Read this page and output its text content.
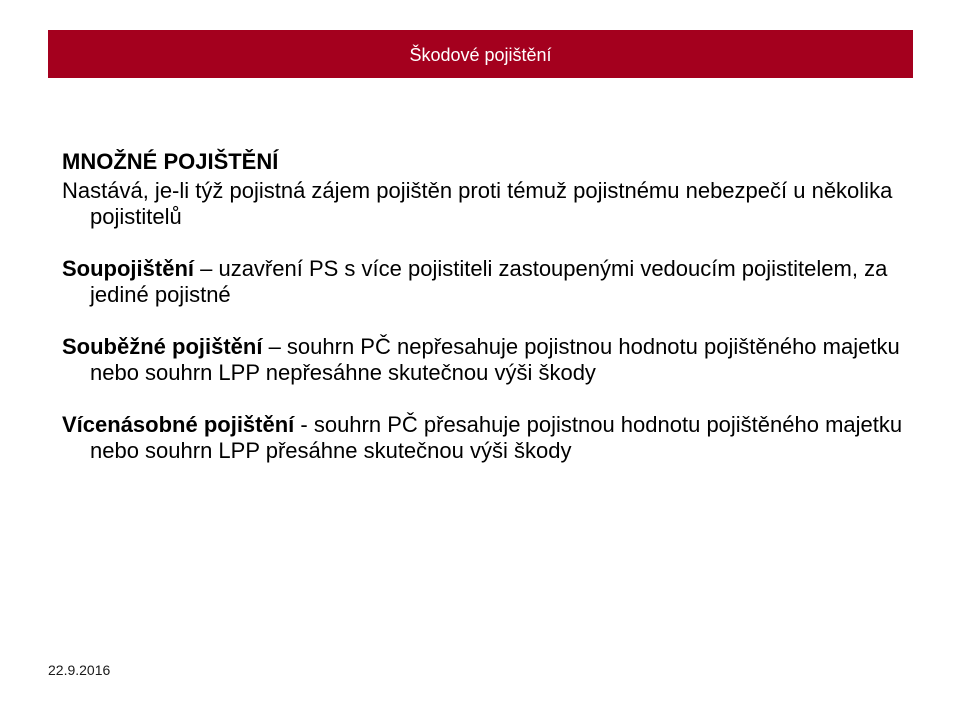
Škodové pojištění

MNOŽNÉ POJIŠTĚNÍ

Nastává, je-li týž pojistná zájem pojištěn proti témuž pojistnému nebezpečí u několika pojistitelů

Soupojištění – uzavření PS s více pojistiteli zastoupenými vedoucím pojistitelem, za jediné pojistné

Souběžné pojištění – souhrn PČ nepřesahuje pojistnou hodnotu pojištěného majetku nebo souhrn LPP nepřesáhne skutečnou výši škody

Vícenásobné pojištění - souhrn PČ přesahuje pojistnou hodnotu pojištěného majetku nebo souhrn LPP přesáhne skutečnou výši škody

22.9.2016
